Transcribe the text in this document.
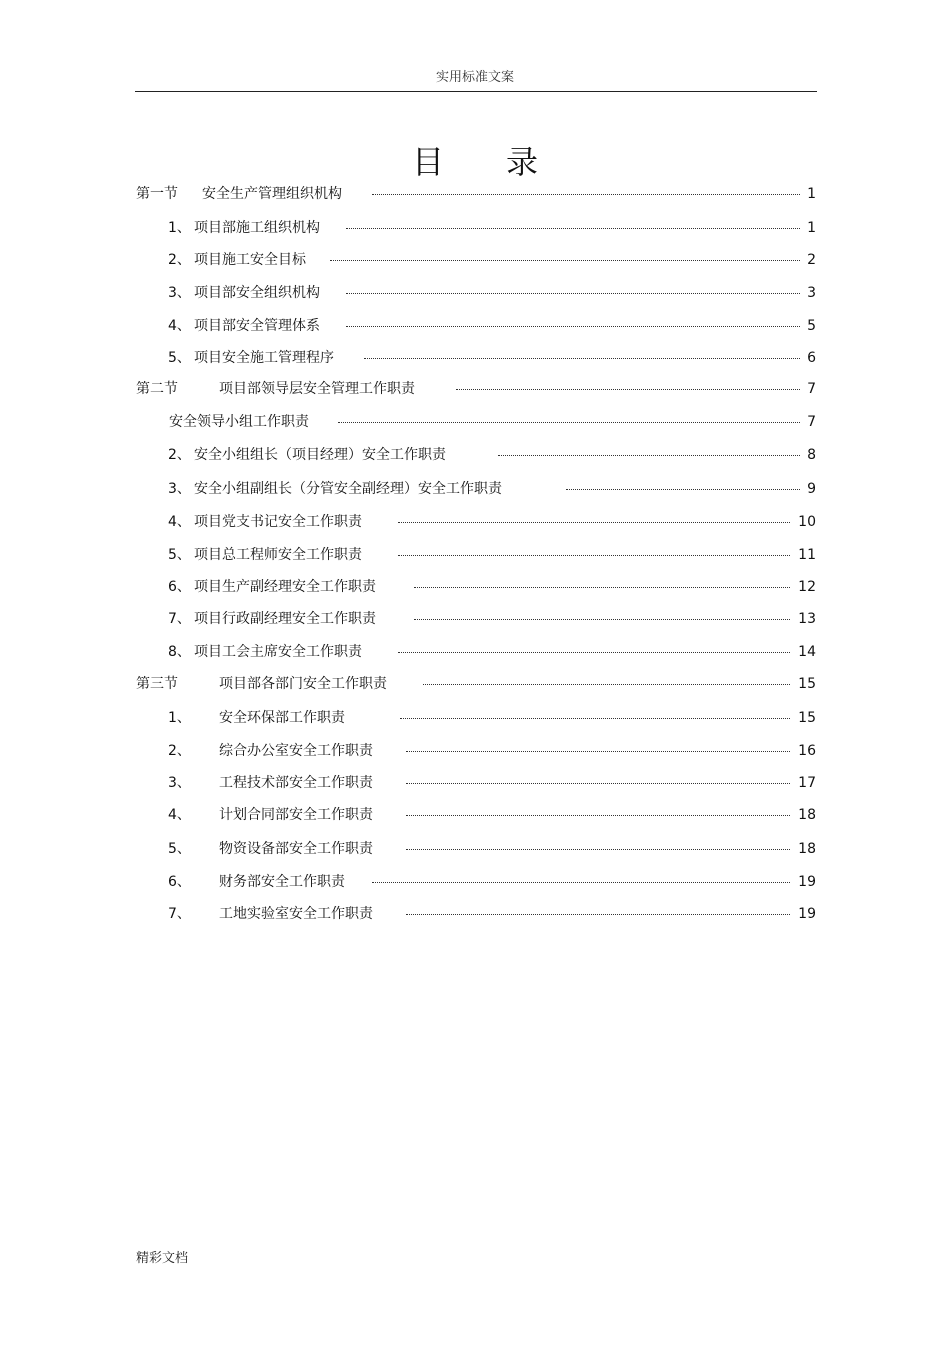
实用标准文案
目 录
第一节 安全生产管理组织机构	1
1、 项目部施工组织机构	1
2、 项目施工安全目标	2
3、 项目部安全组织机构	3
4、 项目部安全管理体系	5
5、 项目安全施工管理程序	6
第二节	项目部领导层安全管理工作职责	7
安全领导小组工作职责	7
2、 安全小组组长（项目经理）安全工作职责	8
3、 安全小组副组长（分管安全副经理）安全工作职责	9
4、 项目党支书记安全工作职责	10
5、 项目总工程师安全工作职责	11
6、 项目生产副经理安全工作职责	12
7、 项目行政副经理安全工作职责	13
8、 项目工会主席安全工作职责	14
第三节	项目部各部门安全工作职责	15
1、 安全环保部工作职责	15
2、 综合办公室安全工作职责	16
3、 工程技术部安全工作职责	17
4、 计划合同部安全工作职责	18
5、 物资设备部安全工作职责	18
6、 财务部安全工作职责	19
7、 工地实验室安全工作职责	19
精彩文档
